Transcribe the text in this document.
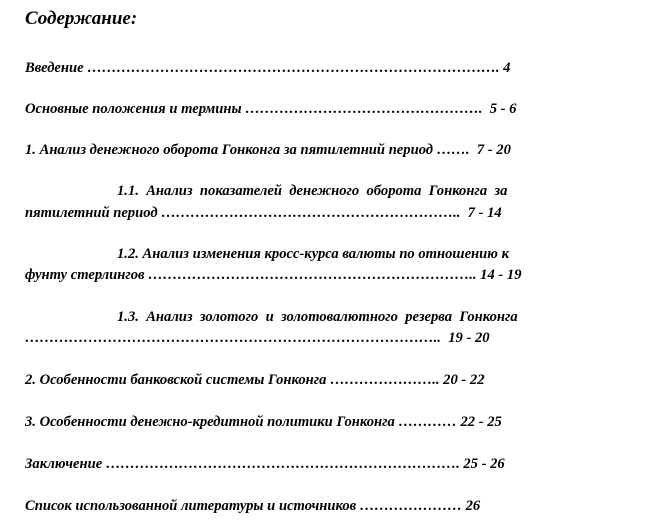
Содержание:
Введение …………………………………………………………………………. 4
Основные положения и термины ………………………………………….  5 - 6
1. Анализ денежного оборота Гонконга за пятилетний период …….  7 - 20
1.1.  Анализ  показателей  денежного  оборота  Гонконга  за
пятилетний период ……………………………………………………..  7 - 14
1.2. Анализ изменения кросс-курса валюты по отношению к
фунту стерлингов ………………………………………………………….. 14 - 19
1.3.  Анализ  золотого  и  золотовалютного  резерва  Гонконга
…………………………………………………………………………..  19 - 20
2. Особенности банковской системы Гонконга ………………….. 20 - 22
3. Особенности денежно-кредитной политики Гонконга ………… 22 - 25
Заключение ………………………………………………………………. 25 - 26
Список использованной литературы и источников ………………… 26
